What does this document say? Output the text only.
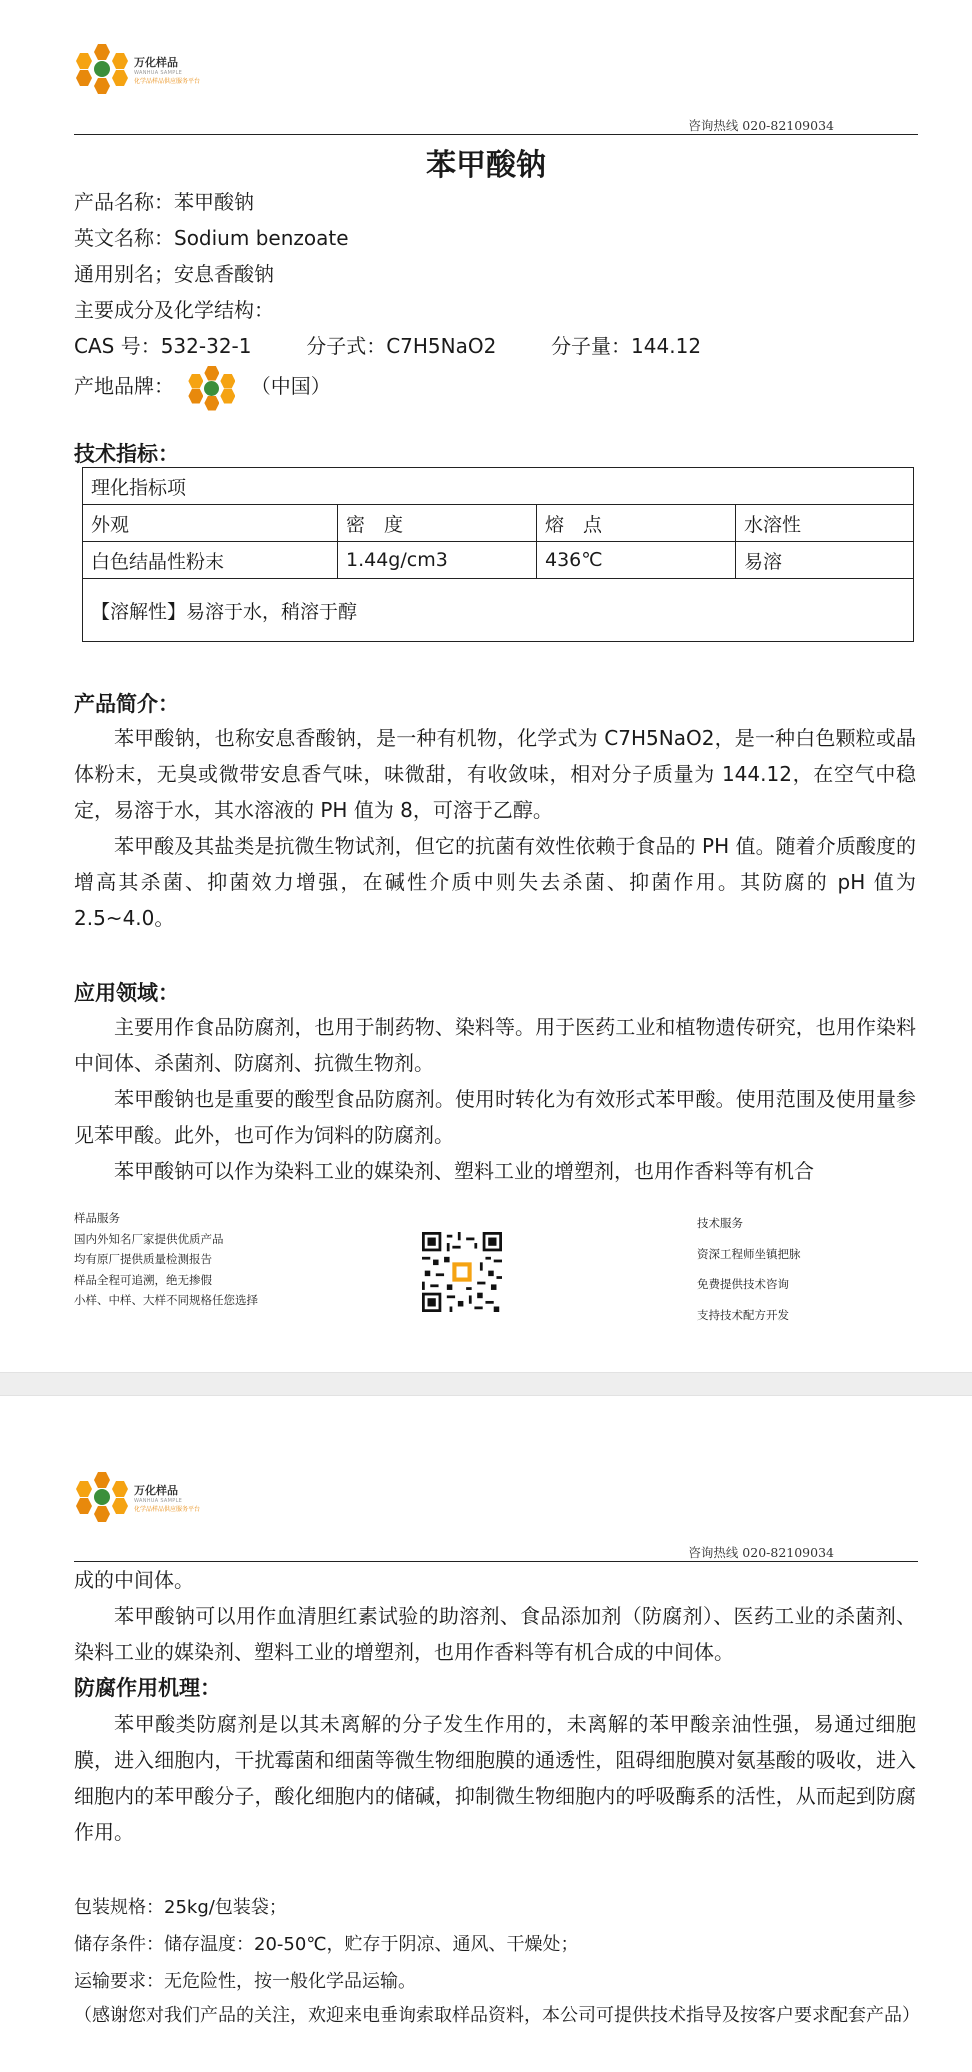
万化样品
WANHUA SAMPLE
化学品样品供应服务平台
咨询热线 020-82109034
苯甲酸钠
产品名称：苯甲酸钠
英文名称：Sodium benzoate
通用别名；安息香酸钠
主要成分及化学结构：
CAS 号：532-32-1	分子式：C7H5NaO2	分子量：144.12
产地品牌：	（中国）
技术指标：
理化指标项			
外观	密　度	熔　点	水溶性
白色结晶性粉末	1.44g/cm3	436℃	易溶
【溶解性】易溶于水，稍溶于醇			
产品简介：

苯甲酸钠，也称安息香酸钠，是一种有机物，化学式为 C7H5NaO2，是一种白色颗粒或晶体粉末，无臭或微带安息香气味，味微甜，有收敛味，相对分子质量为 144.12，在空气中稳定，易溶于水，其水溶液的 PH 值为 8，可溶于乙醇。

苯甲酸及其盐类是抗微生物试剂，但它的抗菌有效性依赖于食品的 PH 值。随着介质酸度的增高其杀菌、抑菌效力增强，在碱性介质中则失去杀菌、抑菌作用。其防腐的 pH 值为 2.5~4.0。

应用领域：

主要用作食品防腐剂，也用于制药物、染料等。用于医药工业和植物遗传研究，也用作染料中间体、杀菌剂、防腐剂、抗微生物剂。

苯甲酸钠也是重要的酸型食品防腐剂。使用时转化为有效形式苯甲酸。使用范围及使用量参见苯甲酸。此外，也可作为饲料的防腐剂。

苯甲酸钠可以作为染料工业的媒染剂、塑料工业的增塑剂，也用作香料等有机合

样品服务
国内外知名厂家提供优质产品
均有原厂提供质量检测报告
样品全程可追溯，绝无掺假
小样、中样、大样不同规格任您选择
技术服务
资深工程师坐镇把脉
免费提供技术咨询
支持技术配方开发
万化样品
WANHUA SAMPLE
化学品样品供应服务平台
咨询热线 020-82109034

成的中间体。

苯甲酸钠可以用作血清胆红素试验的助溶剂、食品添加剂（防腐剂）、医药工业的杀菌剂、染料工业的媒染剂、塑料工业的增塑剂，也用作香料等有机合成的中间体。

防腐作用机理：

苯甲酸类防腐剂是以其未离解的分子发生作用的，未离解的苯甲酸亲油性强，易通过细胞膜，进入细胞内，干扰霉菌和细菌等微生物细胞膜的通透性，阻碍细胞膜对氨基酸的吸收，进入细胞内的苯甲酸分子，酸化细胞内的储碱，抑制微生物细胞内的呼吸酶系的活性，从而起到防腐作用。

包装规格：25kg/包装袋；
储存条件：储存温度：20-50℃，贮存于阴凉、通风、干燥处；
运输要求：无危险性，按一般化学品运输。
（感谢您对我们产品的关注，欢迎来电垂询索取样品资料，本公司可提供技术指导及按客户要求配套产品）
